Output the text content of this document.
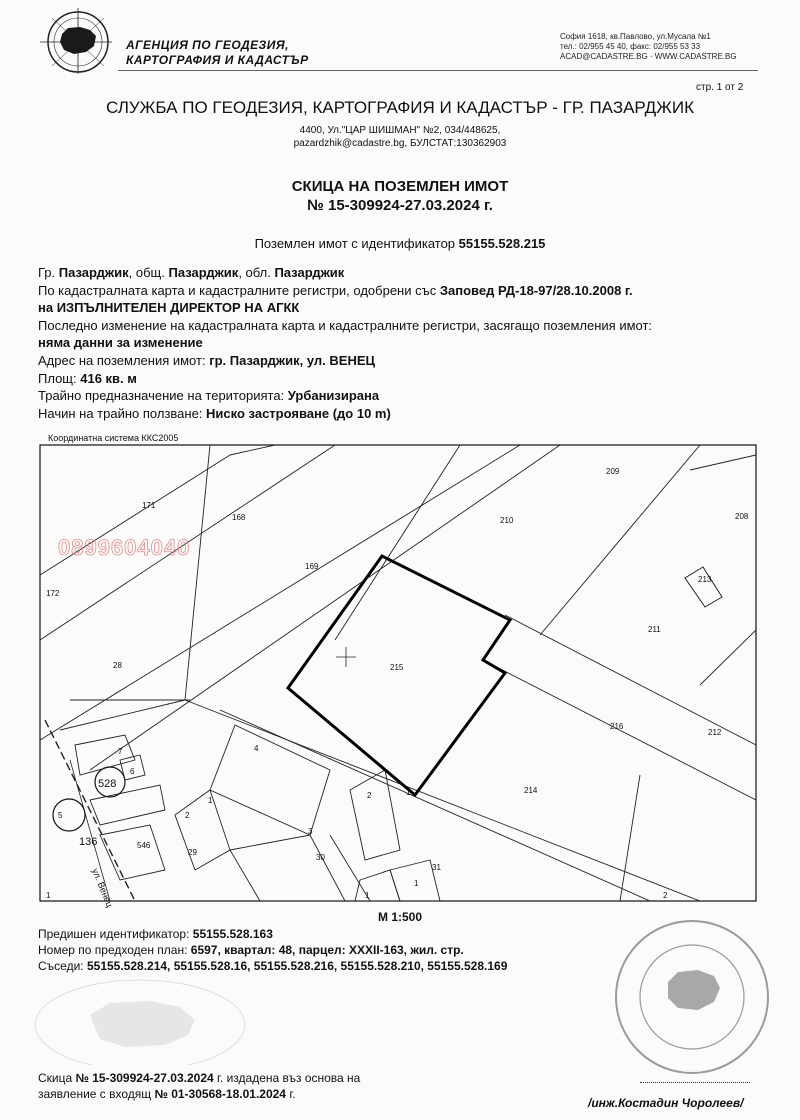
АГЕНЦИЯ ПО ГЕОДЕЗИЯ,
КАРТОГРАФИЯ И КАДАСТЪР
София 1618, кв.Павлово, ул.Мусала №1
тел.: 02/955 45 40, факс: 02/955 53 33
ACAD@CADASTRE.BG · WWW.CADASTRE.BG
стр. 1 от 2
СЛУЖБА ПО ГЕОДЕЗИЯ, КАРТОГРАФИЯ И КАДАСТЪР - ГР. ПАЗАРДЖИК
4400, Ул."ЦАР ШИШМАН" №2, 034/448625,
pazardzhik@cadastre.bg, БУЛСТАТ:130362903
СКИЦА НА ПОЗЕМЛЕН ИМОТ
№ 15-309924-27.03.2024 г.
Поземлен имот с идентификатор 55155.528.215
Гр. Пазарджик, общ. Пазарджик, обл. Пазарджик
По кадастралната карта и кадастралните регистри, одобрени със Заповед РД-18-97/28.10.2008 г.
на ИЗПЪЛНИТЕЛЕН ДИРЕКТОР НА АГКК
Последно изменение на кадастралната карта и кадастралните регистри, засягащо поземления имот:
няма данни за изменение
Адрес на поземления имот: гр. Пазарджик, ул. ВЕНЕЦ
Площ: 416 кв. м
Трайно предназначение на територията: Урбанизирана
Начин на трайно ползване: Ниско застрояване (до 10 m)
Координатна система ККС2005
171
168
169
172
28
209
210	208
211
215
216
212
214
7
6
528
5
136	546
4
1
2
29
3
30
2
1
31
1
2
213
1
1	ул. Венец
0899604040
М 1:500
Предишен идентификатор: 55155.528.163
Номер по предходен план: 6597, квартал: 48, парцел: XXXII-163, жил. стр.
Съседи: 55155.528.214, 55155.528.16, 55155.528.216, 55155.528.210, 55155.528.169
Скица № 15-309924-27.03.2024 г. издадена въз основа на
заявление с входящ № 01-30568-18.01.2024 г.
/инж.Костадин Чоролеев/
